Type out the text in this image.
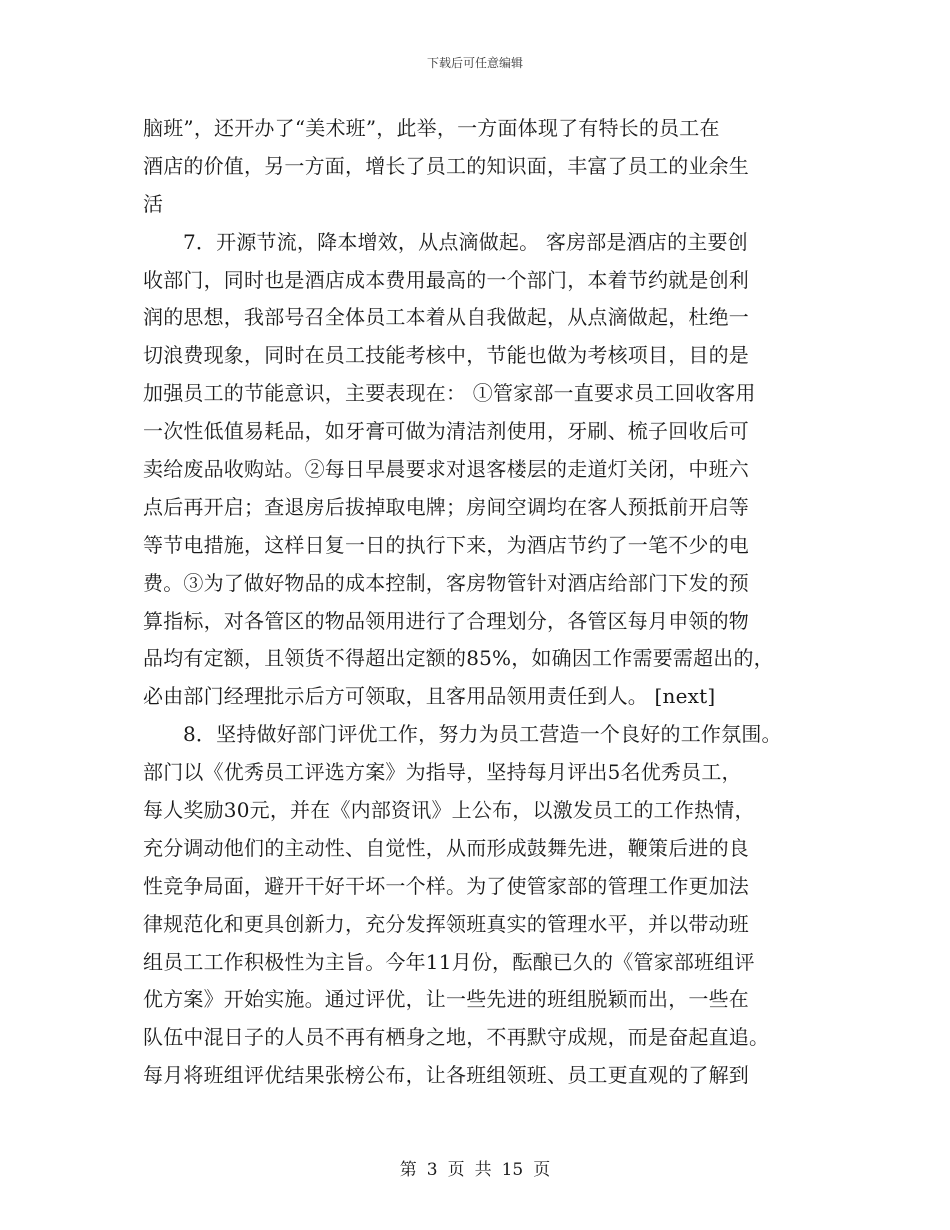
下载后可任意编辑
脑班”，还开办了“美术班”，此举，一方面体现了有特长的员工在
酒店的价值，另一方面，增长了员工的知识面，丰富了员工的业余生
活
7．开源节流，降本增效，从点滴做起。 客房部是酒店的主要创
收部门，同时也是酒店成本费用最高的一个部门，本着节约就是创利
润的思想，我部号召全体员工本着从自我做起，从点滴做起，杜绝一
切浪费现象，同时在员工技能考核中，节能也做为考核项目，目的是
加强员工的节能意识，主要表现在： ①管家部一直要求员工回收客用
一次性低值易耗品，如牙膏可做为清洁剂使用，牙刷、梳子回收后可
卖给废品收购站。②每日早晨要求对退客楼层的走道灯关闭，中班六
点后再开启；查退房后拔掉取电牌；房间空调均在客人预抵前开启等
等节电措施，这样日复一日的执行下来，为酒店节约了一笔不少的电
费。③为了做好物品的成本控制，客房物管针对酒店给部门下发的预
算指标，对各管区的物品领用进行了合理划分，各管区每月申领的物
品均有定额，且领货不得超出定额的85%，如确因工作需要需超出的，
必由部门经理批示后方可领取，且客用品领用责任到人。 [next]
8．坚持做好部门评优工作，努力为员工营造一个良好的工作氛围。
部门以《优秀员工评选方案》为指导，坚持每月评出5名优秀员工，
每人奖励30元，并在《内部资讯》上公布，以激发员工的工作热情，
充分调动他们的主动性、自觉性，从而形成鼓舞先进，鞭策后进的良
性竞争局面，避开干好干坏一个样。为了使管家部的管理工作更加法
律规范化和更具创新力，充分发挥领班真实的管理水平，并以带动班
组员工工作积极性为主旨。今年11月份，酝酿已久的《管家部班组评
优方案》开始实施。通过评优，让一些先进的班组脱颖而出，一些在
队伍中混日子的人员不再有栖身之地，不再默守成规，而是奋起直追。
每月将班组评优结果张榜公布，让各班组领班、员工更直观的了解到
第 3 页 共 15 页
